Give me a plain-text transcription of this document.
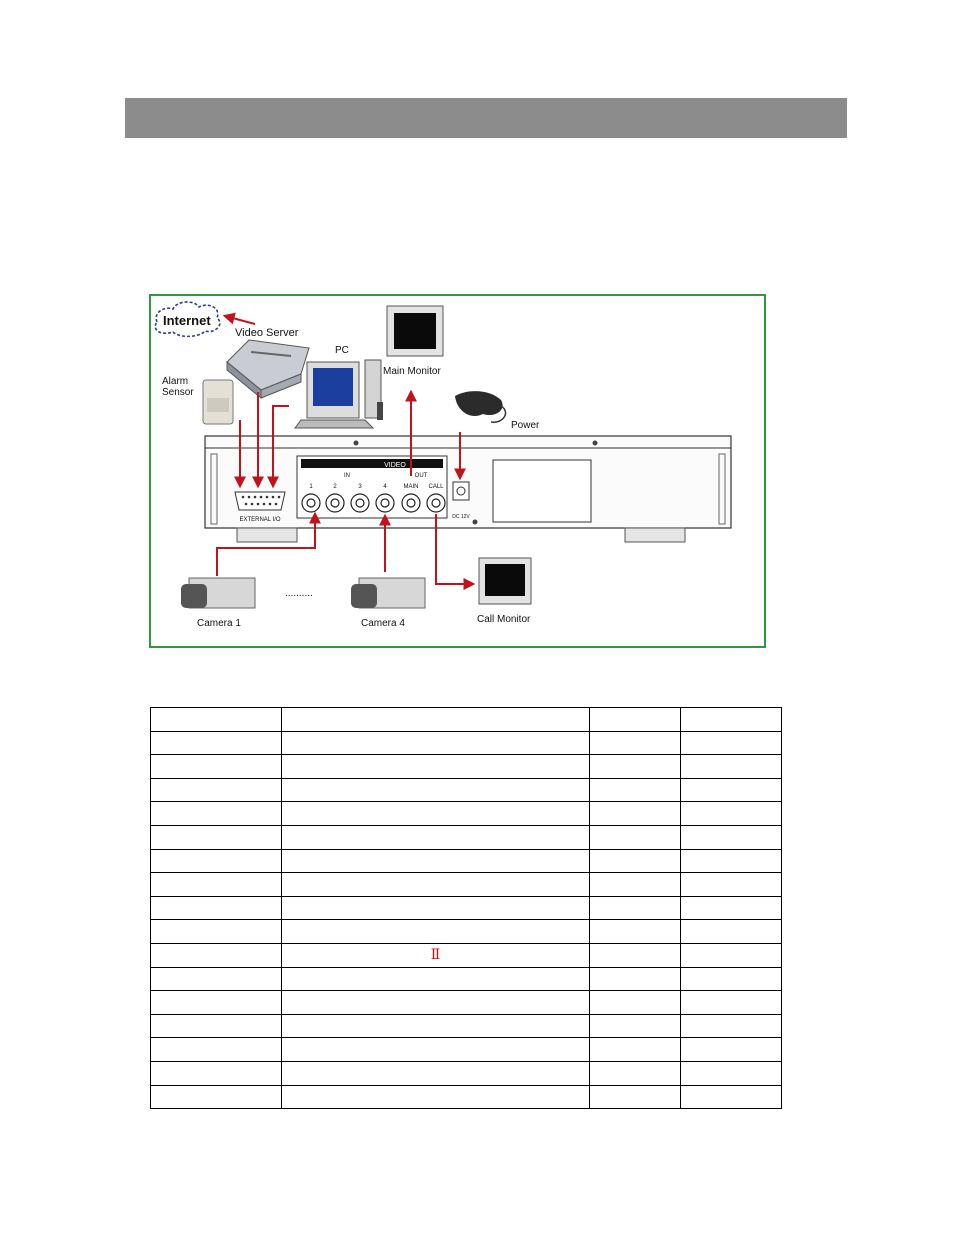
Internet
Video Server
PC
Alarm
Sensor
Main Monitor
Power
VIDEO
IN	OUT
1	2	3	4	MAIN CALL
DC 12V
EXTERNAL I/O
Camera 1
..........
Camera 4	Call Monitor

	Ⅱ		
